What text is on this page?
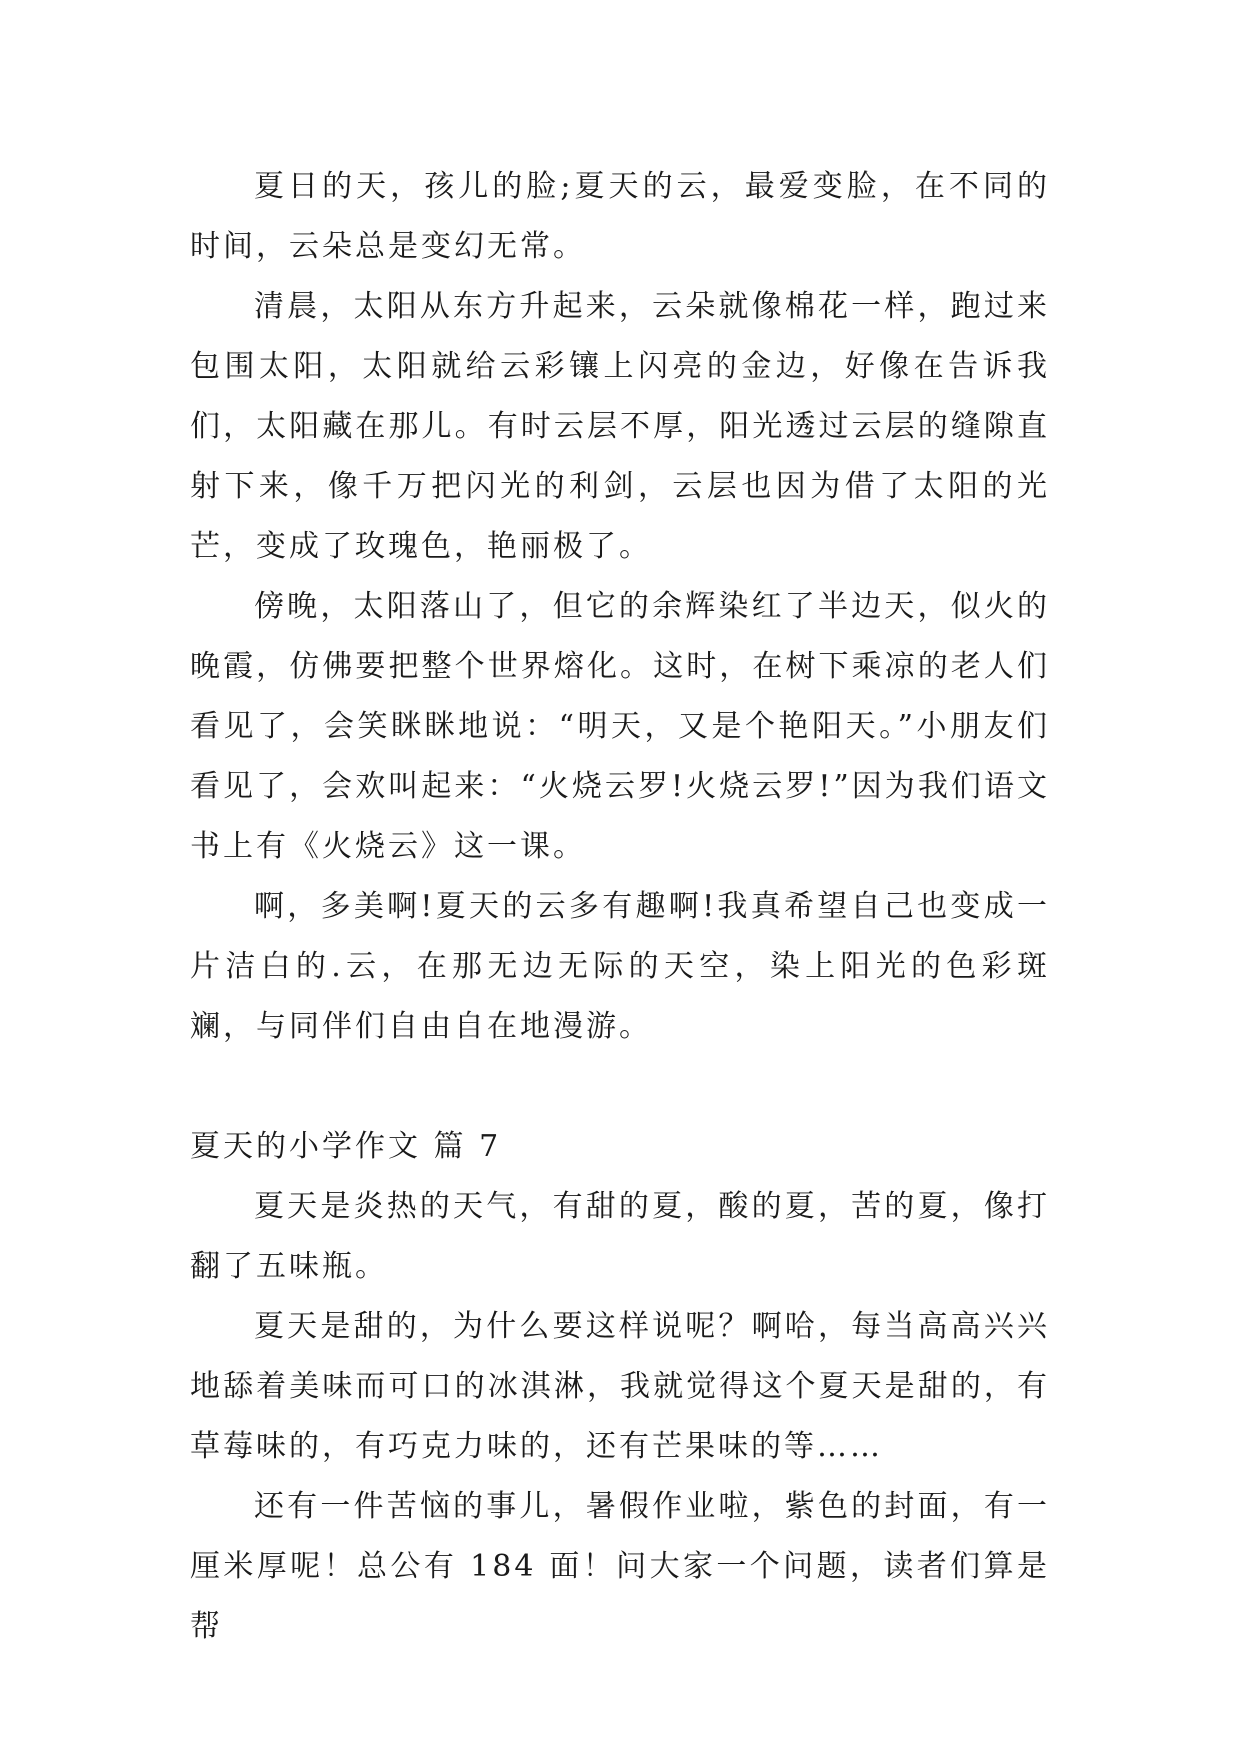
夏日的天，孩儿的脸;夏天的云，最爱变脸，在不同的时间，云朵总是变幻无常。

清晨，太阳从东方升起来，云朵就像棉花一样，跑过来包围太阳，太阳就给云彩镶上闪亮的金边，好像在告诉我们，太阳藏在那儿。有时云层不厚，阳光透过云层的缝隙直射下来，像千万把闪光的利剑，云层也因为借了太阳的光芒，变成了玫瑰色，艳丽极了。

傍晚，太阳落山了，但它的余辉染红了半边天，似火的晚霞，仿佛要把整个世界熔化。这时，在树下乘凉的老人们看见了，会笑眯眯地说：“明天，又是个艳阳天。”小朋友们看见了，会欢叫起来：“火烧云罗!火烧云罗!”因为我们语文书上有《火烧云》这一课。

啊，多美啊!夏天的云多有趣啊!我真希望自己也变成一片洁白的.云，在那无边无际的天空，染上阳光的色彩斑斓，与同伴们自由自在地漫游。

夏天的小学作文 篇 7

夏天是炎热的天气，有甜的夏，酸的夏，苦的夏，像打翻了五味瓶。

夏天是甜的，为什么要这样说呢？啊哈，每当高高兴兴地舔着美味而可口的冰淇淋，我就觉得这个夏天是甜的，有草莓味的，有巧克力味的，还有芒果味的等……

还有一件苦恼的事儿，暑假作业啦，紫色的封面，有一厘米厚呢！总公有 184 面！问大家一个问题，读者们算是帮
